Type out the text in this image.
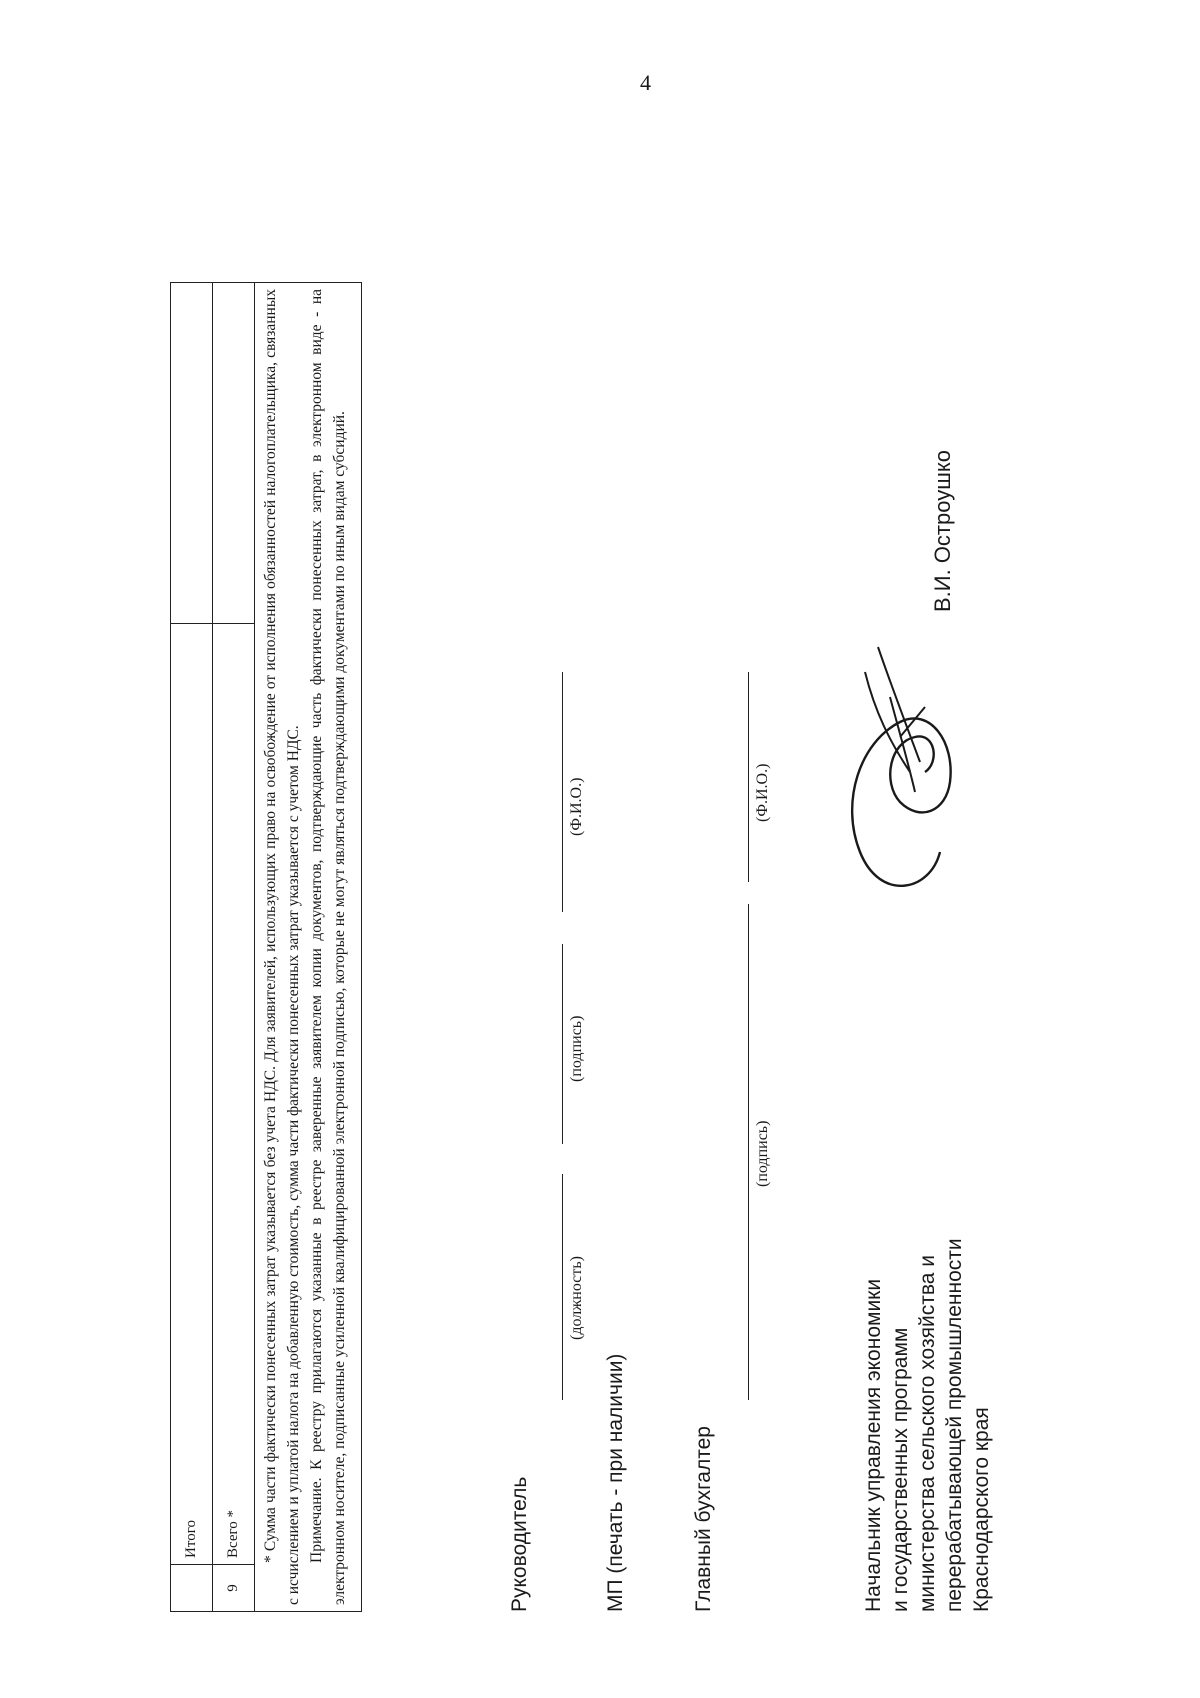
4
	Итого	
9	Всего *	

* Сумма части фактически понесенных затрат указывается без учета НДС. Для заявителей, использующих право на освобождение от исполнения обязанностей налогоплательщика, связанных с исчислением и уплатой налога на добавленную стоимость, сумма части фактически понесенных затрат указывается с учетом НДС. Примечание. К реестру прилагаются указанные в реестре заверенные заявителем копии документов, подтверждающие часть фактически понесенных затрат, в электронном виде - на электронном носителе, подписанные усиленной квалифицированной электронной подписью, которые не могут являться подтверждающими документами по иным видам субсидий.			Руководитель
(должность)
(подпись)
(Ф.И.О.)
МП (печать - при наличии)	Главный бухгалтер
(подпись)
(Ф.И.О.)
Начальник управления экономики и государственных программ министерства сельского хозяйства и перерабатывающей промышленности Краснодарского края
В.И. Остроушко
